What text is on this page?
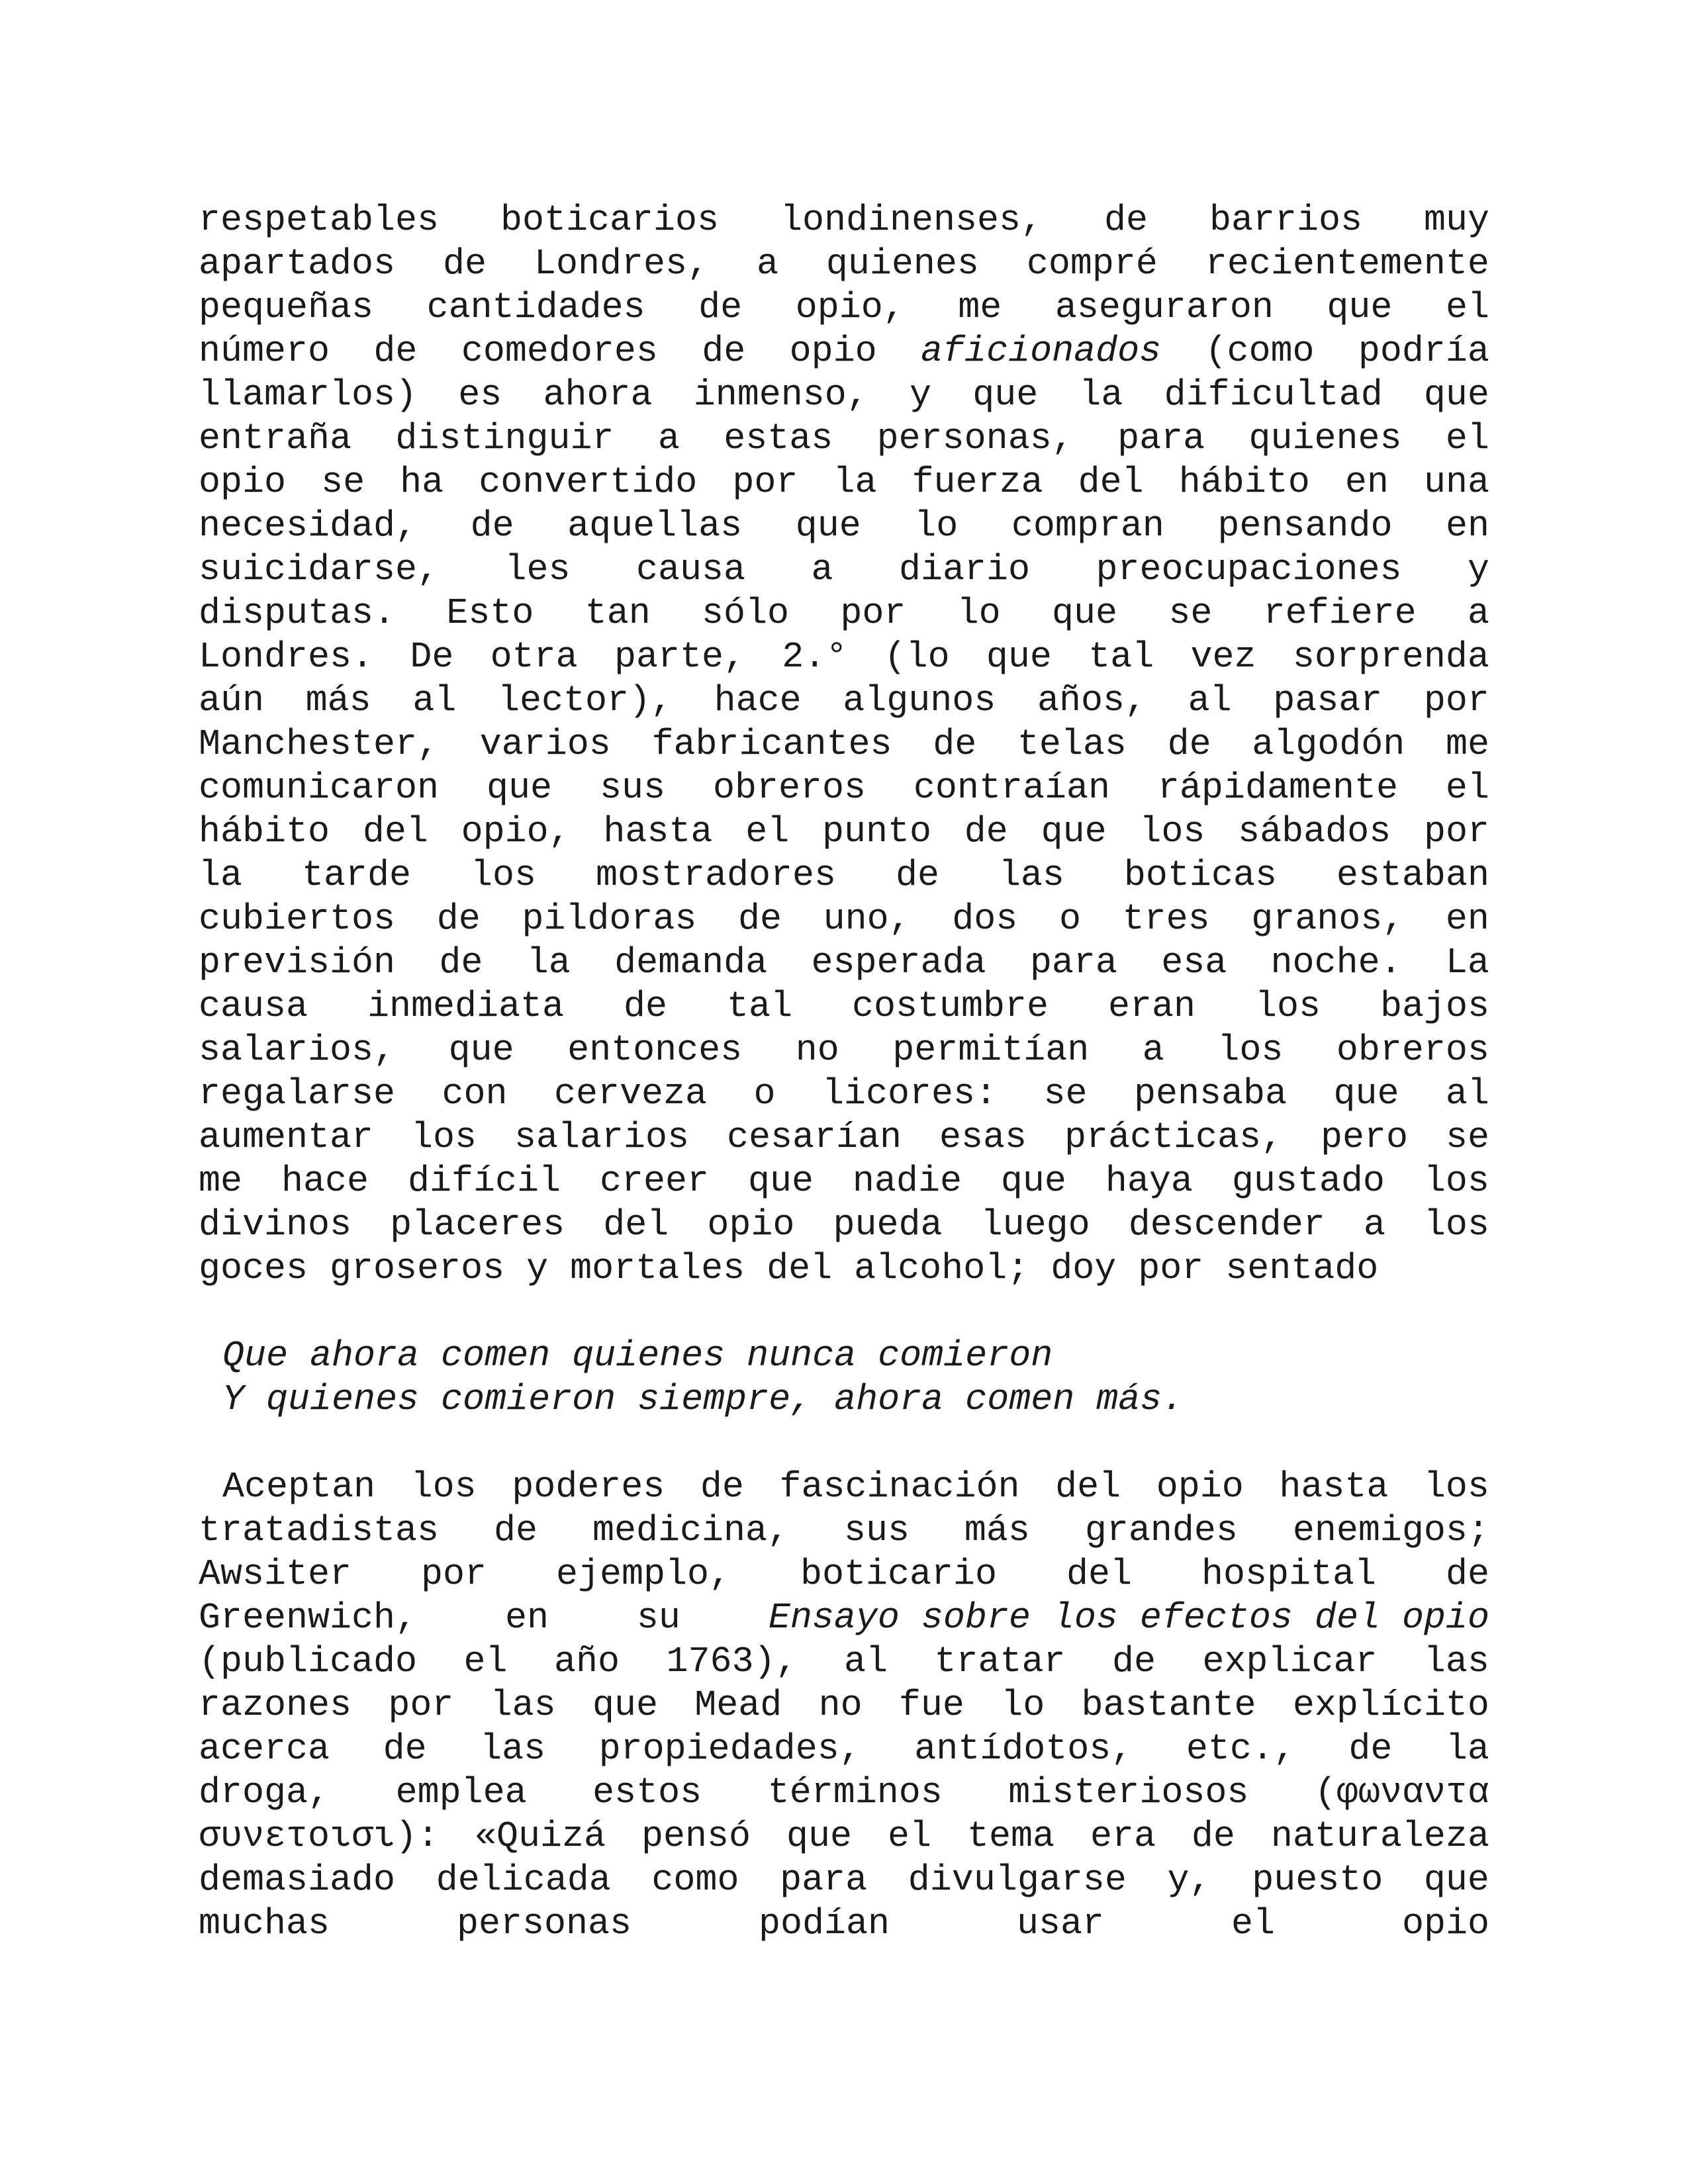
respetables boticarios londinenses, de barrios muy
apartados de Londres, a quienes compré recientemente
pequeñas cantidades de opio, me aseguraron que el
número de comedores de opio aficionados (como podría
llamarlos) es ahora inmenso, y que la dificultad que
entraña distinguir a estas personas, para quienes el
opio se ha convertido por la fuerza del hábito en una
necesidad, de aquellas que lo compran pensando en
suicidarse, les causa a diario preocupaciones y
disputas. Esto tan sólo por lo que se refiere a
Londres. De otra parte, 2.° (lo que tal vez sorprenda
aún más al lector), hace algunos años, al pasar por
Manchester, varios fabricantes de telas de algodón me
comunicaron que sus obreros contraían rápidamente el
hábito del opio, hasta el punto de que los sábados por
la tarde los mostradores de las boticas estaban
cubiertos de pildoras de uno, dos o tres granos, en
previsión de la demanda esperada para esa noche. La
causa inmediata de tal costumbre eran los bajos
salarios, que entonces no permitían a los obreros
regalarse con cerveza o licores: se pensaba que al
aumentar los salarios cesarían esas prácticas, pero se
me hace difícil creer que nadie que haya gustado los
divinos placeres del opio pueda luego descender a los
goces groseros y mortales del alcohol; doy por sentado
Que ahora comen quienes nunca comieron
Y quienes comieron siempre, ahora comen más.
Aceptan los poderes de fascinación del opio hasta los
tratadistas de medicina, sus más grandes enemigos;
Awsiter por ejemplo, boticario del hospital de
Greenwich, en su Ensayo sobre los efectos del opio
(publicado el año 1763), al tratar de explicar las
razones por las que Mead no fue lo bastante explícito
acerca de las propiedades, antídotos, etc., de la
droga, emplea estos términos misteriosos (φωναντα
συνετοισι): «Quizá pensó que el tema era de naturaleza
demasiado delicada como para divulgarse y, puesto que
muchas	personas	podían	usar	el	opio
